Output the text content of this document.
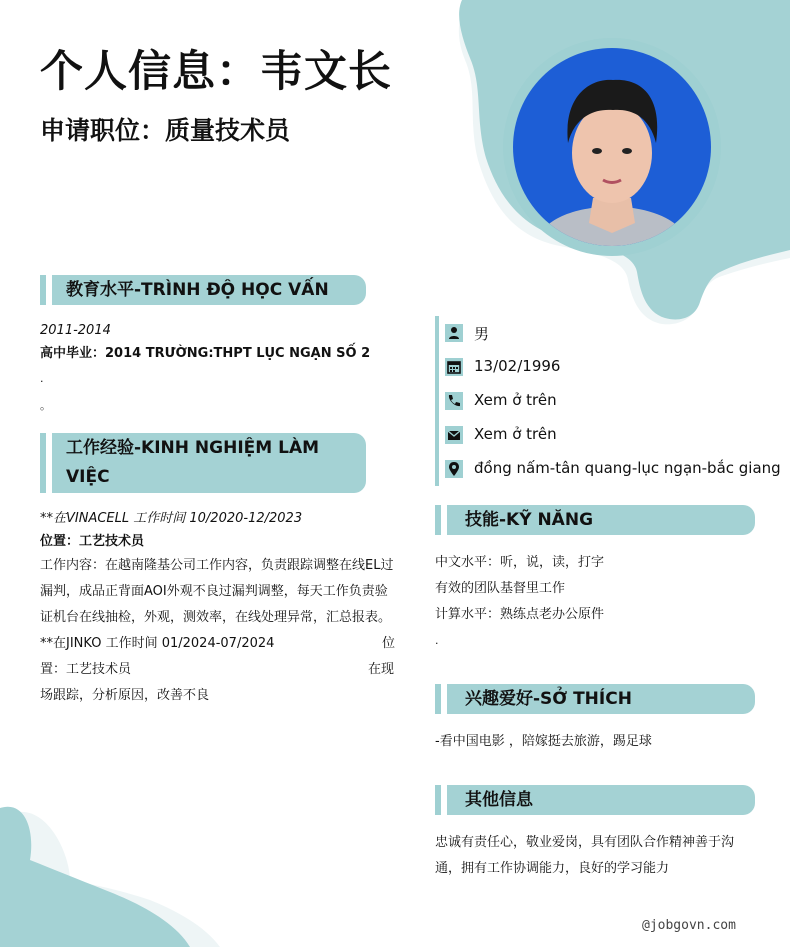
个人信息：韦文长
申请职位：质量技术员
教育水平-TRÌNH ĐỘ HỌC VẤN
2011-2014
高中毕业：2014 TRƯỜNG:THPT LỤC NGẠN SỐ 2
.
。
工作经验-KINH NGHIỆM LÀM
VIỆC
**在VINACELL 工作时间 10/2020-12/2023
位置：工艺技术员
工作内容：在越南隆基公司工作内容，负责跟踪调整在线EL过
漏判，成品正背面AOI外观不良过漏判调整，每天工作负责验
证机台在线抽检，外观，测效率，在线处理异常，汇总报表。
**在JINKO 工作时间 01/2024-07/2024	位
置：工艺技术员	在现
场跟踪，分析原因，改善不良
男
13/02/1996
Xem ở trên
Xem ở trên
đồng nấm-tân quang-lục ngạn-bắc giang
技能-KỸ NĂNG
中文水平：听，说，读，打字
有效的团队基督里工作
计算水平：熟练点老办公原件
.
兴趣爱好-SỞ THÍCH
-看中国电影 ，陪嫁挺去旅游，踢足球
其他信息
忠诚有责任心，敬业爱岗，具有团队合作精神善于沟
通，拥有工作协调能力，良好的学习能力
@jobgovn.com
